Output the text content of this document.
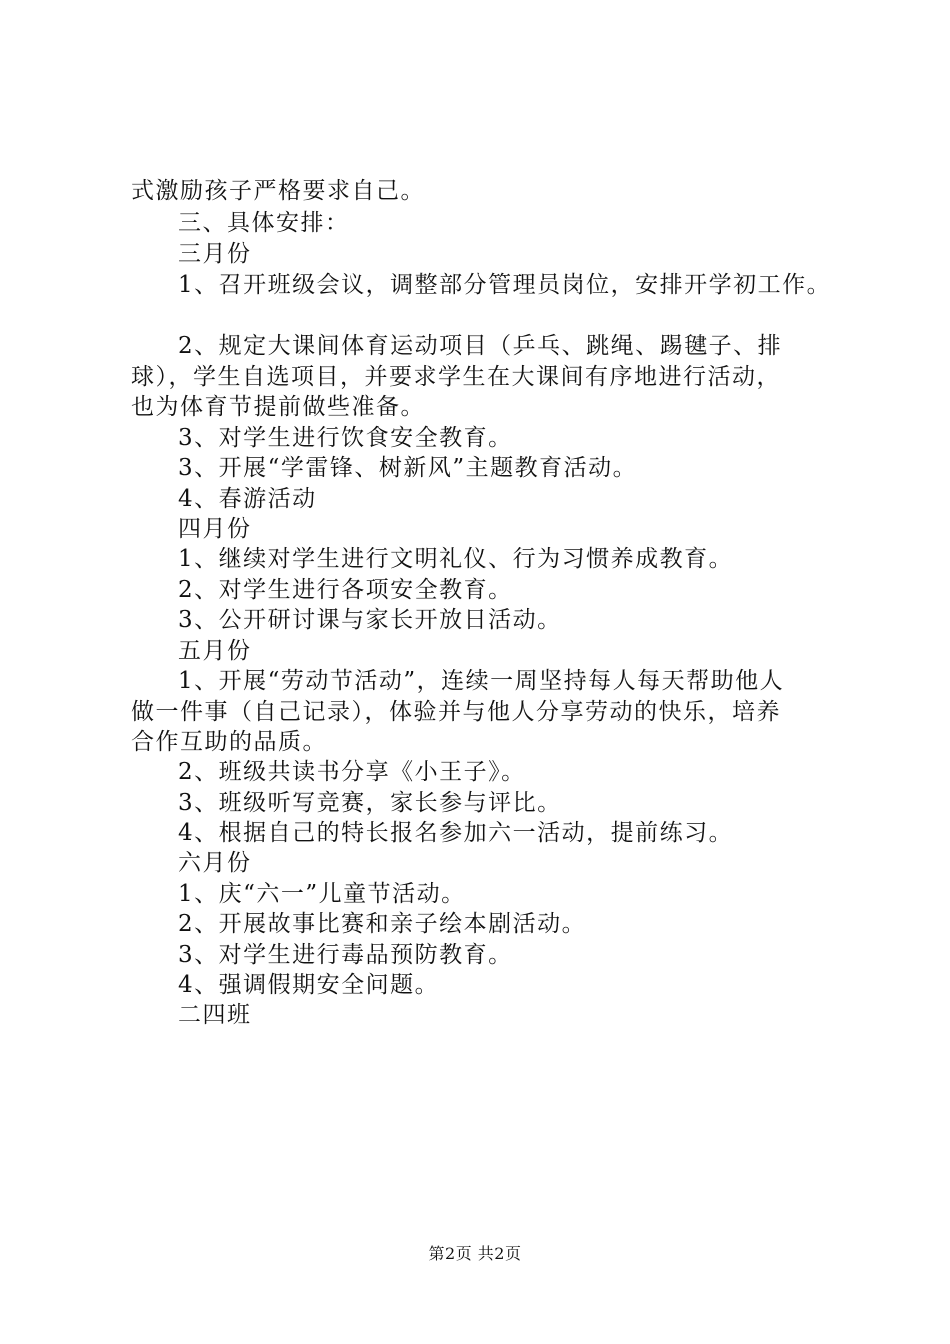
式激励孩子严格要求自己。
三、具体安排：
三月份
1、召开班级会议，调整部分管理员岗位，安排开学初工作。
2、规定大课间体育运动项目（乒乓、跳绳、踢毽子、排
球），学生自选项目，并要求学生在大课间有序地进行活动，
也为体育节提前做些准备。
3、对学生进行饮食安全教育。
3、开展“学雷锋、树新风”主题教育活动。
4、春游活动
四月份
1、继续对学生进行文明礼仪、行为习惯养成教育。
2、对学生进行各项安全教育。
3、公开研讨课与家长开放日活动。
五月份
1、开展“劳动节活动”，连续一周坚持每人每天帮助他人
做一件事（自己记录），体验并与他人分享劳动的快乐，培养
合作互助的品质。
2、班级共读书分享《小王子》。
3、班级听写竞赛，家长参与评比。
4、根据自己的特长报名参加六一活动，提前练习。
六月份
1、庆“六一”儿童节活动。
2、开展故事比赛和亲子绘本剧活动。
3、对学生进行毒品预防教育。
4、强调假期安全问题。
二四班
第2页 共2页
